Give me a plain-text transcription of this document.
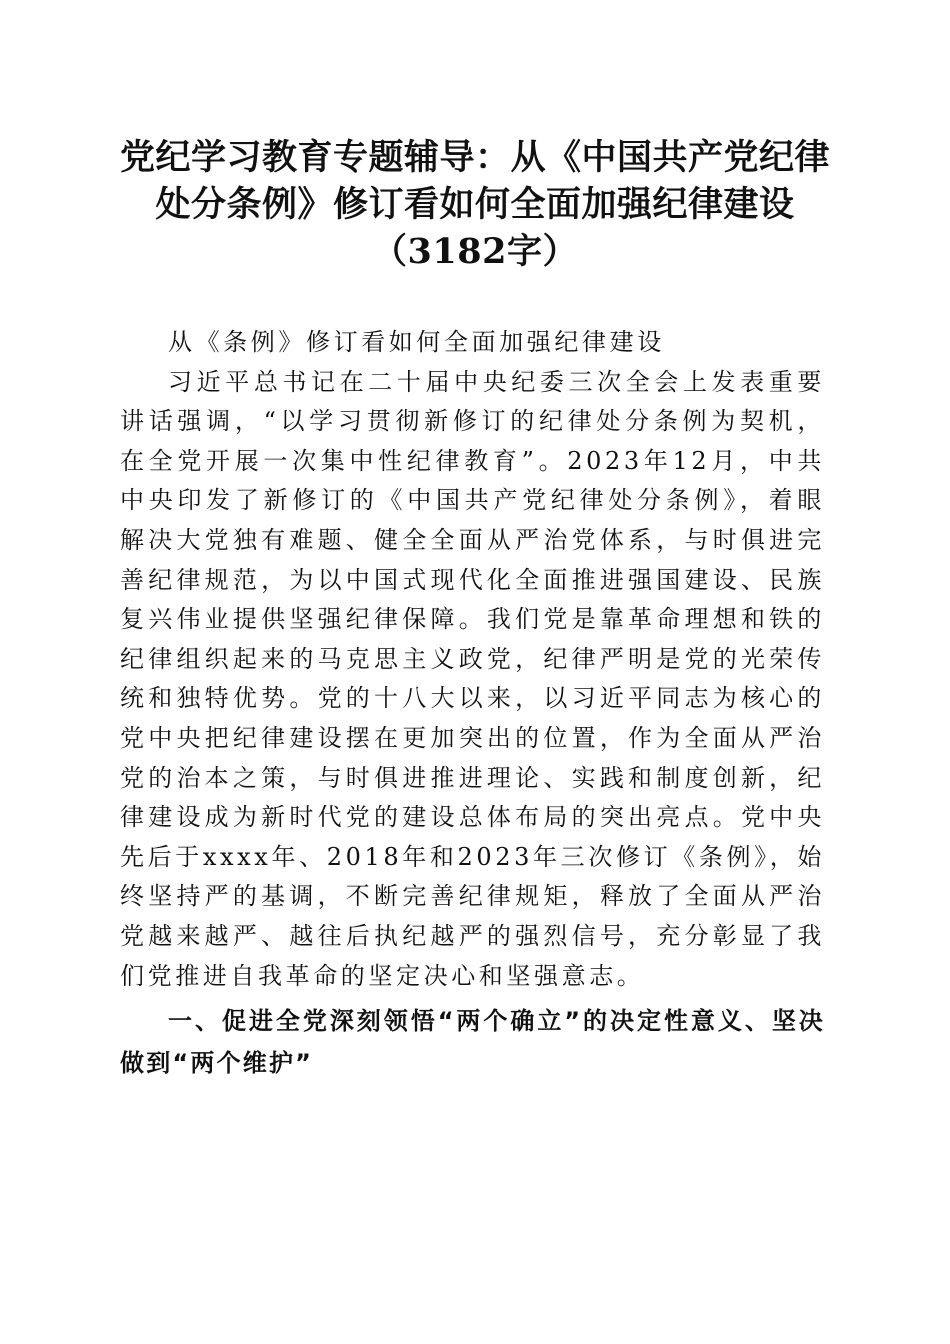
党纪学习教育专题辅导：从《中国共产党纪律
处分条例》修订看如何全面加强纪律建设
（3182字）

从《条例》修订看如何全面加强纪律建设

习近平总书记在二十届中央纪委三次全会上发表重要讲话强调，“以学习贯彻新修订的纪律处分条例为契机，在全党开展一次集中性纪律教育”。2023年12月，中共中央印发了新修订的《中国共产党纪律处分条例》，着眼解决大党独有难题、健全全面从严治党体系，与时俱进完善纪律规范，为以中国式现代化全面推进强国建设、民族复兴伟业提供坚强纪律保障。我们党是靠革命理想和铁的纪律组织起来的马克思主义政党，纪律严明是党的光荣传统和独特优势。党的十八大以来，以习近平同志为核心的党中央把纪律建设摆在更加突出的位置，作为全面从严治党的治本之策，与时俱进推进理论、实践和制度创新，纪律建设成为新时代党的建设总体布局的突出亮点。党中央先后于xxxx年、2018年和2023年三次修订《条例》，始终坚持严的基调，不断完善纪律规矩，释放了全面从严治党越来越严、越往后执纪越严的强烈信号，充分彰显了我们党推进自我革命的坚定决心和坚强意志。

一、促进全党深刻领悟“两个确立”的决定性意义、坚决做到“两个维护”
